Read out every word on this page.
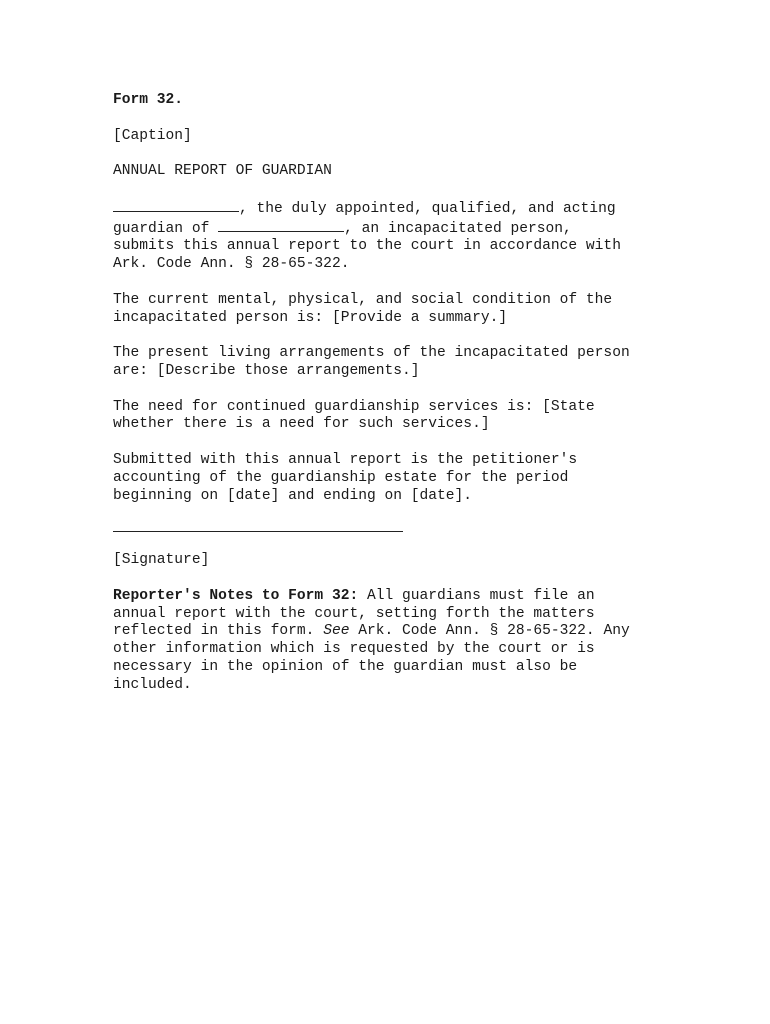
Form 32.

[Caption]

ANNUAL REPORT OF GUARDIAN

, the duly appointed, qualified, and acting
guardian of	, an incapacitated person,
submits this annual report to the court in accordance with
Ark. Code Ann. § 28-65-322.

The current mental, physical, and social condition of the
incapacitated person is: [Provide a summary.]

The present living arrangements of the incapacitated person
are: [Describe those arrangements.]

The need for continued guardianship services is: [State
whether there is a need for such services.]

Submitted with this annual report is the petitioner's
accounting of the guardianship estate for the period
beginning on [date] and ending on [date].

[Signature]

Reporter's Notes to Form 32: All guardians must file an
annual report with the court, setting forth the matters
reflected in this form. See Ark. Code Ann. § 28-65-322. Any
other information which is requested by the court or is
necessary in the opinion of the guardian must also be
included.
